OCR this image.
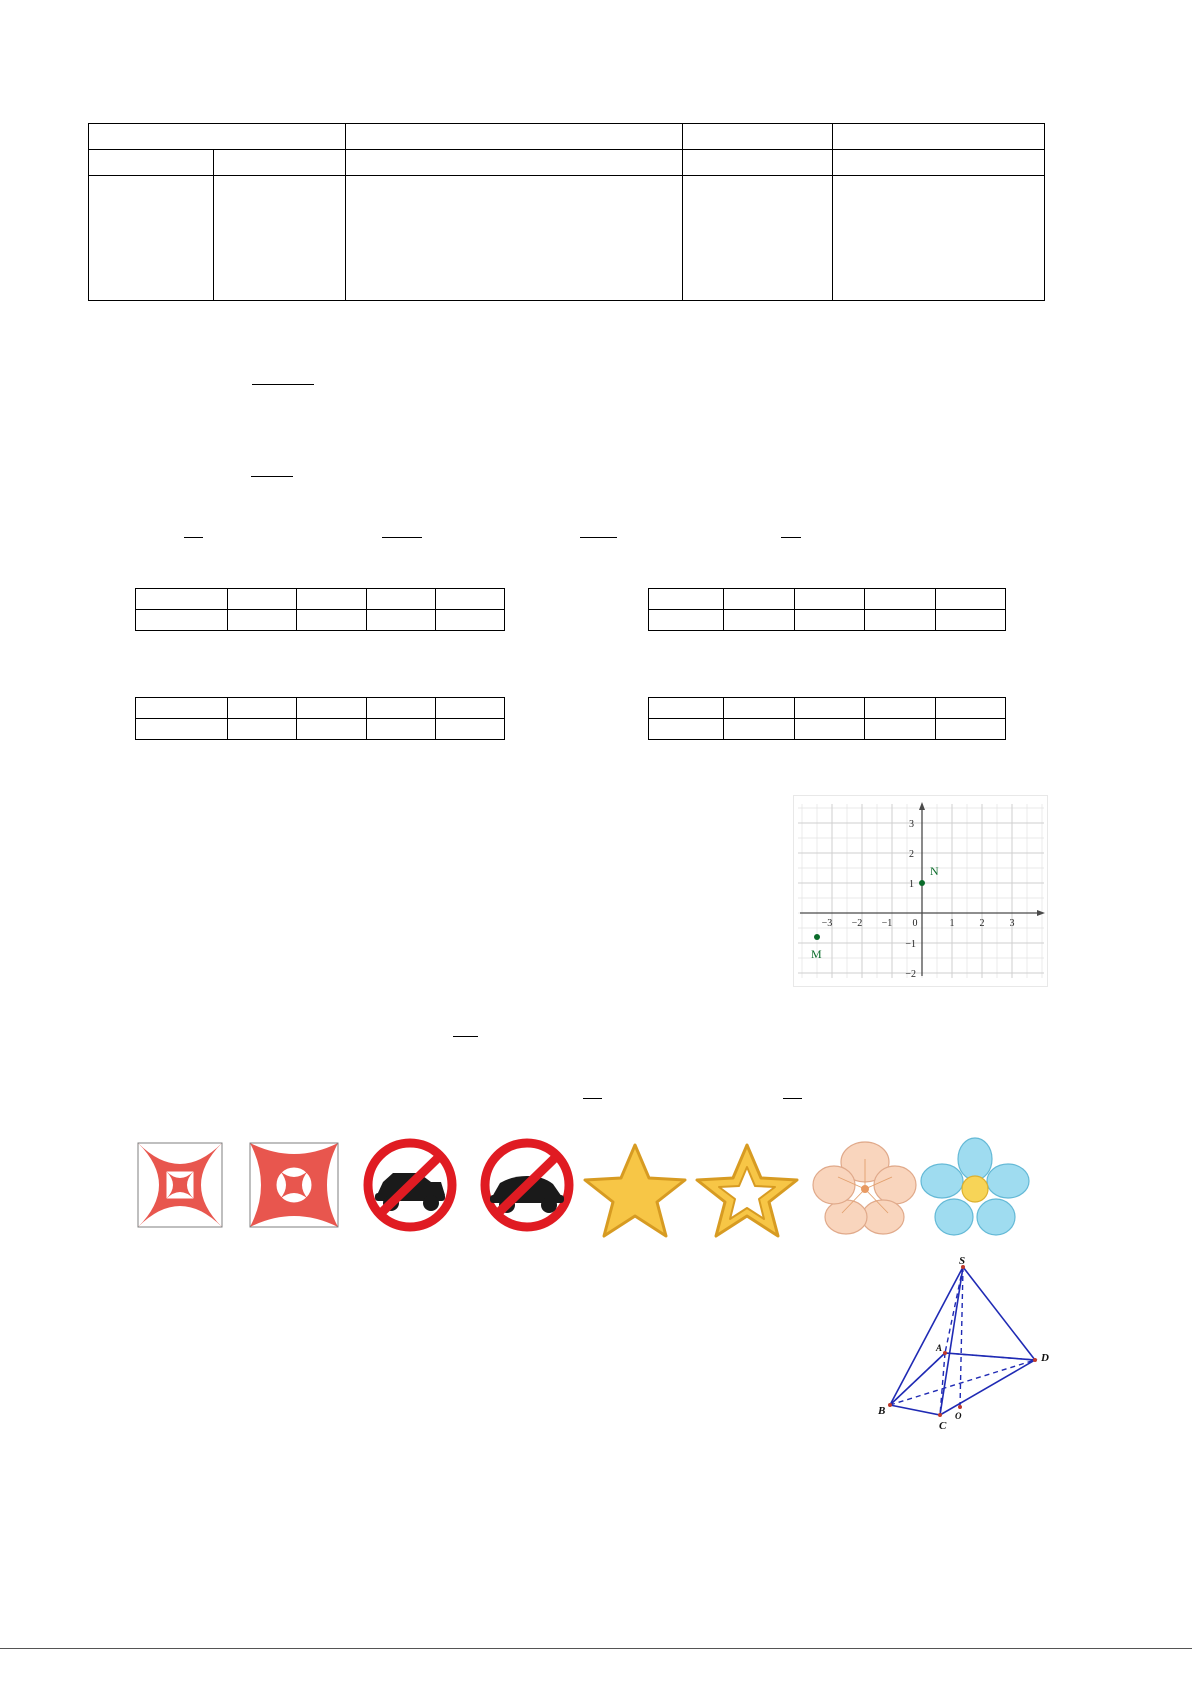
−3 −2 −1 0	1	2	3
3
2
1
−1
−2
N
M
S
A
B
C
D
O
